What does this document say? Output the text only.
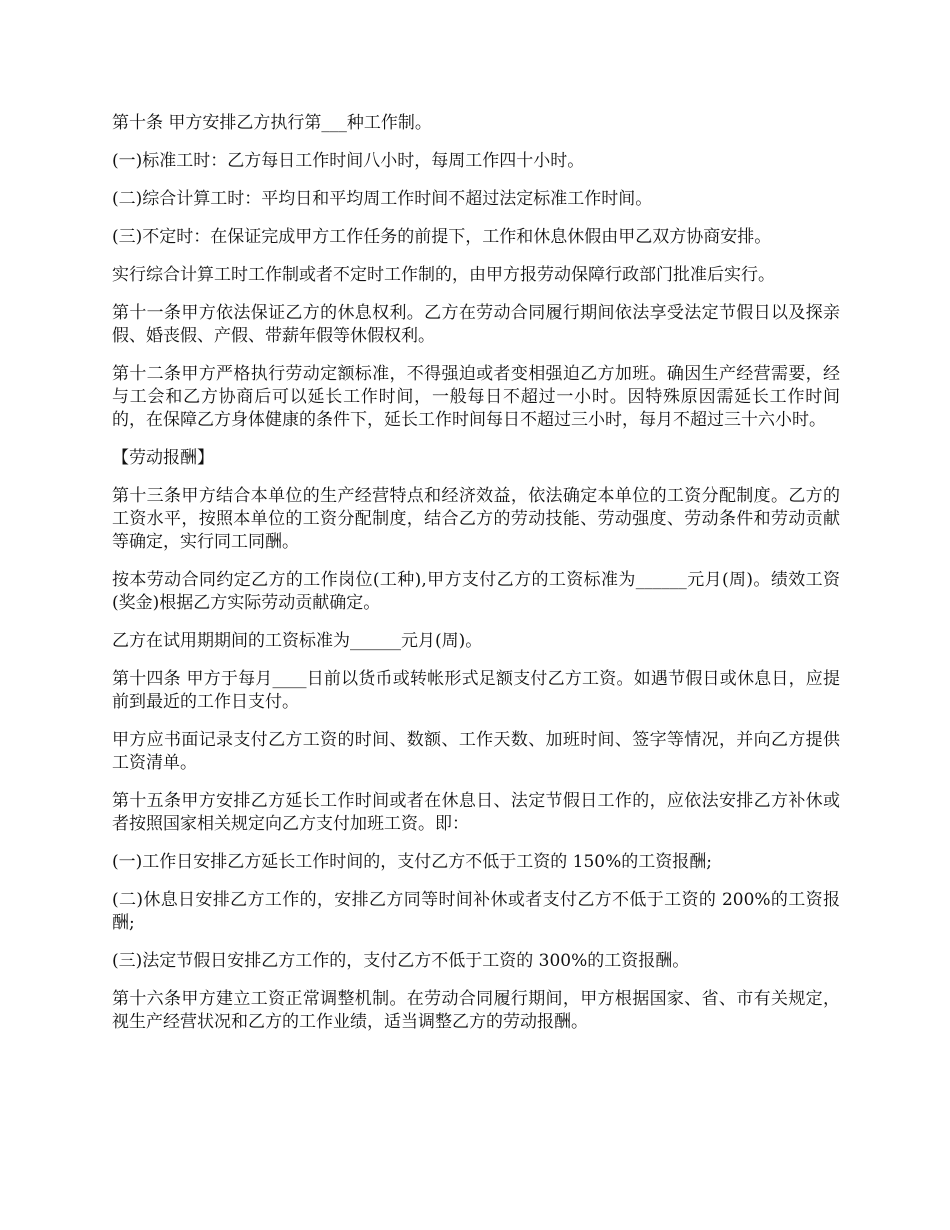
第十条 甲方安排乙方执行第___种工作制。

(一)标准工时：乙方每日工作时间八小时，每周工作四十小时。

(二)综合计算工时：平均日和平均周工作时间不超过法定标准工作时间。

(三)不定时：在保证完成甲方工作任务的前提下，工作和休息休假由甲乙双方协商安排。

实行综合计算工时工作制或者不定时工作制的，由甲方报劳动保障行政部门批准后实行。

第十一条甲方依法保证乙方的休息权利。乙方在劳动合同履行期间依法享受法定节假日以及探亲假、婚丧假、产假、带薪年假等休假权利。

第十二条甲方严格执行劳动定额标准，不得强迫或者变相强迫乙方加班。确因生产经营需要，经与工会和乙方协商后可以延长工作时间，一般每日不超过一小时。因特殊原因需延长工作时间的，在保障乙方身体健康的条件下，延长工作时间每日不超过三小时，每月不超过三十六小时。

【劳动报酬】

第十三条甲方结合本单位的生产经营特点和经济效益，依法确定本单位的工资分配制度。乙方的工资水平，按照本单位的工资分配制度，结合乙方的劳动技能、劳动强度、劳动条件和劳动贡献等确定，实行同工同酬。

按本劳动合同约定乙方的工作岗位(工种),甲方支付乙方的工资标准为______元月(周)。绩效工资(奖金)根据乙方实际劳动贡献确定。

乙方在试用期期间的工资标准为______元月(周)。

第十四条 甲方于每月____日前以货币或转帐形式足额支付乙方工资。如遇节假日或休息日，应提前到最近的工作日支付。

甲方应书面记录支付乙方工资的时间、数额、工作天数、加班时间、签字等情况，并向乙方提供工资清单。

第十五条甲方安排乙方延长工作时间或者在休息日、法定节假日工作的，应依法安排乙方补休或者按照国家相关规定向乙方支付加班工资。即：

(一)工作日安排乙方延长工作时间的，支付乙方不低于工资的 150%的工资报酬;

(二)休息日安排乙方工作的，安排乙方同等时间补休或者支付乙方不低于工资的 200%的工资报酬;

(三)法定节假日安排乙方工作的，支付乙方不低于工资的 300%的工资报酬。

第十六条甲方建立工资正常调整机制。在劳动合同履行期间，甲方根据国家、省、市有关规定，视生产经营状况和乙方的工作业绩，适当调整乙方的劳动报酬。
